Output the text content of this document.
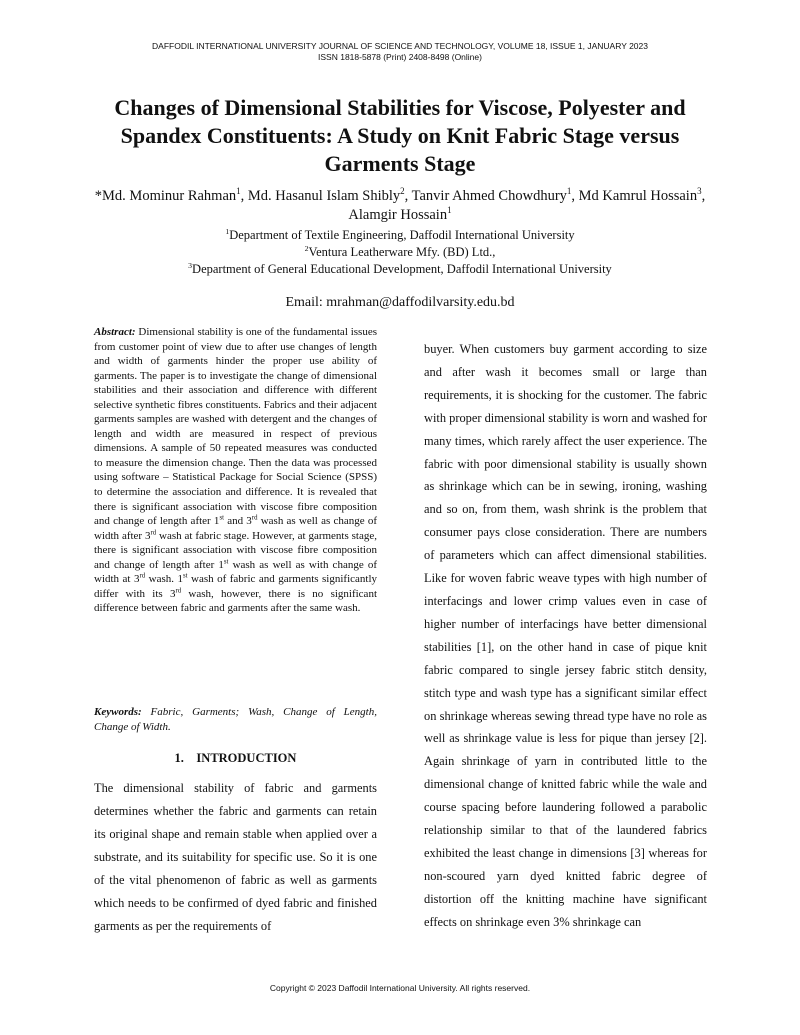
DAFFODIL INTERNATIONAL UNIVERSITY JOURNAL OF SCIENCE AND TECHNOLOGY, VOLUME 18, ISSUE 1, JANUARY 2023
ISSN 1818-5878 (Print) 2408-8498 (Online)
Changes of Dimensional Stabilities for Viscose, Polyester and Spandex Constituents: A Study on Knit Fabric Stage versus Garments Stage
*Md. Mominur Rahman$^1$, Md. Hasanul Islam Shibly$^2$, Tanvir Ahmed Chowdhury$^1$, Md Kamrul Hossain$^3$,
Alamgir Hossain$^1$
$^1$Department of Textile Engineering, Daffodil International University
$^2$Ventura Leatherware Mfy. (BD) Ltd.,
$^3$Department of General Educational Development, Daffodil International University
Email: mrahman@daffodilvarsity.edu.bd
Abstract: Dimensional stability is one of the fundamental issues from customer point of view due to after use changes of length and width of garments hinder the proper use ability of garments. The paper is to investigate the change of dimensional stabilities and their association and difference with different selective synthetic fibres constituents. Fabrics and their adjacent garments samples are washed with detergent and the changes of length and width are measured in respect of previous dimensions. A sample of 50 repeated measures was conducted to measure the dimension change. Then the data was processed using software – Statistical Package for Social Science (SPSS) to determine the association and difference. It is revealed that there is significant association with viscose fibre composition and change of length after 1st and 3rd wash as well as change of width after 3rd wash at fabric stage. However, at garments stage, there is significant association with viscose fibre composition and change of length after 1st wash as well as with change of width at 3rd wash. 1st wash of fabric and garments significantly differ with its 3rd wash, however, there is no significant difference between fabric and garments after the same wash.
Keywords: Fabric, Garments; Wash, Change of Length, Change of Width.
1.    INTRODUCTION
The dimensional stability of fabric and garments determines whether the fabric and garments can retain its original shape and remain stable when applied over a substrate, and its suitability for specific use. So it is one of the vital phenomenon of fabric as well as garments which needs to be confirmed of dyed fabric and finished garments as per the requirements of
buyer. When customers buy garment according to size and after wash it becomes small or large than requirements, it is shocking for the customer. The fabric with proper dimensional stability is worn and washed for many times, which rarely affect the user experience. The fabric with poor dimensional stability is usually shown as shrinkage which can be in sewing, ironing, washing and so on, from them, wash shrink is the problem that consumer pays close consideration. There are numbers of parameters which can affect dimensional stabilities. Like for woven fabric weave types with high number of interfacings and lower crimp values even in case of higher number of interfacings have better dimensional stabilities [1], on the other hand in case of pique knit fabric compared to single jersey fabric stitch density, stitch type and wash type has a significant similar effect on shrinkage whereas sewing thread type have no role as well as shrinkage value is less for pique than jersey [2]. Again shrinkage of yarn in contributed little to the dimensional change of knitted fabric while the wale and course spacing before laundering followed a parabolic relationship similar to that of the laundered fabrics exhibited the least change in dimensions [3] whereas for non-scoured yarn dyed knitted fabric degree of distortion off the knitting machine have significant effects on shrinkage even 3% shrinkage can
Copyright © 2023 Daffodil International University. All rights reserved.
